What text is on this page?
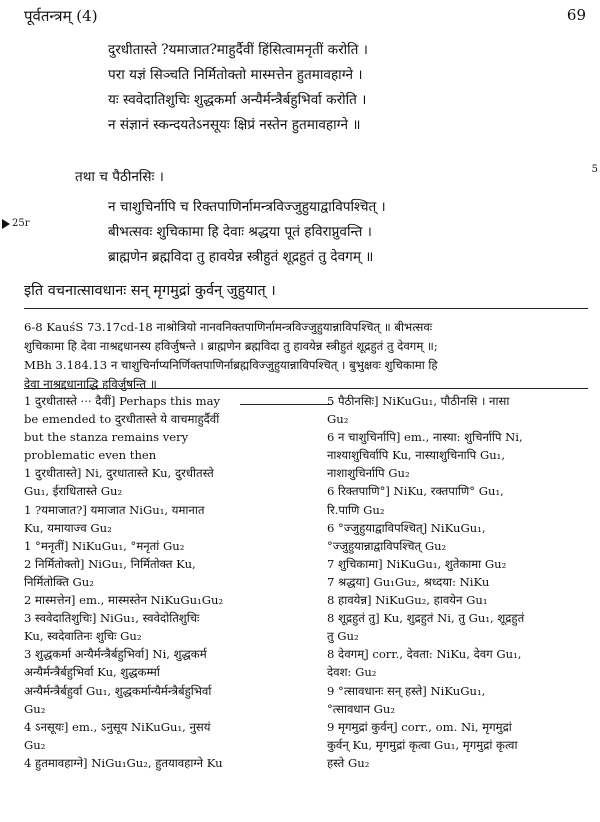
पूर्वतन्त्रम् (4)	69
दुरधीतास्ते ?यमाजात?माहुर्दैवीं हिंसित्वामनृतीं करोति ।
परा यज्ञं सिञ्चति निर्मितोक्तो मास्मत्तेन हुतमावहाग्ने ।
यः स्ववेदातिशुचिः शुद्धकर्मा अन्यैर्मन्त्रैर्बहुभिर्वा करोति ।
न संज्ञानं स्कन्दयतेऽनसूयः क्षिप्रं नस्तेन हुतमावहाग्ने ॥
तथा च पैठीनसिः ।	5
25r
न चाशुचिर्नापि च रिक्तपाणिर्नामन्त्रविज्जुहुयाद्वाविपश्चित् ।
बीभत्सवः शुचिकामा हि देवाः श्रद्धया पूतं हविराप्नुवन्ति ।
ब्राह्मणेन ब्रह्मविदा तु हावयेन्न स्त्रीहुतं शूद्रहुतं तु देवगम् ॥
इति वचनात्सावधानः सन् मृगमुद्रां कुर्वन् जुहुयात् ।
6-8 KauśS 73.17cd-18 नाश्रोत्रियो नानवनिक्तपाणिर्नामन्त्रविज्जुहुयान्नाविपश्चित् ॥ बीभत्सवः
शुचिकामा हि देवा नाश्रद्दधानस्य हविर्जुषन्ते । ब्राह्मणेन ब्रह्मविदा तु हावयेन्न स्त्रीहुतं शूद्रहुतं तु देवगम् ॥;
MBh 3.184.13 न चाशुचिर्नाप्यनिर्णिक्तपाणिर्नाब्रह्मविज्जुहुयान्नाविपश्चित् । बुभुक्षवः शुचिकामा हि
देवा नाश्रद्दधानाद्धि हविर्जुषन्ति ॥
1 दुरधीतास्ते ··· दैवीं] Perhaps this may
be emended to दुरधीतास्ते ये वाचमाहुर्दैवीं
but the stanza remains very
problematic even then
1 दुरधीतास्ते] Ni, दुरधातास्ते Ku, दुरधीतस्ते
Gu₁, ईराधितास्ते Gu₂
1 ?यमाजात?] यमाजात NiGu₁, यमानात
Ku, यमायाज्व Gu₂
1 °मनृतीं] NiKuGu₁, °मनृतां Gu₂
2 निर्मितोक्तो] NiGu₁, निर्मितोक्त Ku,
निर्मितोक्ति Gu₂
2 मास्मत्तेन] em., मास्मस्तेन NiKuGu₁Gu₂
3 स्ववेदातिशुचिः] NiGu₁, स्ववेदोतिशुचिः
Ku, स्वदेवातिनः शुचिः Gu₂
3 शुद्धकर्मा अन्यैर्मन्त्रैर्बहुभिर्वा] Ni, शुद्धकर्म
अन्यैर्मन्त्रैर्बहुभिर्वा Ku, शुद्धकर्म्मा
अन्यैर्मन्त्रैर्बहुर्वा Gu₁, शुद्धकर्मान्यैर्मन्त्रैर्बहुभिर्वा
Gu₂
4 ऽनसूयः] em., ऽनुसूय NiKuGu₁, नुसयं
Gu₂
4 हुतमावहाग्ने] NiGu₁Gu₂, हुतयावहाग्ने Ku
5 पैठीनसिः] NiKuGu₁, पौठीनसि । नासा
Gu₂
6 न चाशुचिर्नापि] em., नास्या: शुचिर्नापि Ni,
नाश्याशुचिर्वापि Ku, नास्याशुचिनापि Gu₁,
नाशाशुचिर्नापि Gu₂
6 रिक्तपाणि°] NiKu, रक्तपाणि° Gu₁,
रि.पाणि Gu₂
6 °ज्जुहुयाद्वाविपश्चित्] NiKuGu₁,
°ज्जुहुयान्नाद्वाविपश्चित् Gu₂
7 शुचिकामा] NiKuGu₁, शुतेकामा Gu₂
7 श्रद्धया] Gu₁Gu₂, श्रध्दया: NiKu
8 हावयेन्न] NiKuGu₂, हावयेन Gu₁
8 शूद्रहुतं तु] Ku, शुद्रहुतं Ni, तु Gu₁, शूद्रहुतं
तु Gu₂
8 देवगम्] corr., देवता: NiKu, देवग Gu₁,
देवश: Gu₂
9 °त्सावधानः सन् हस्ते] NiKuGu₁,
°त्सावधान Gu₂
9 मृगमुद्रां कुर्वन्] corr., om. Ni, मृगमुद्रां
कुर्वन् Ku, मृगमुद्रां कृत्वा Gu₁, मृगमुद्रां कृत्वा
हस्ते Gu₂
